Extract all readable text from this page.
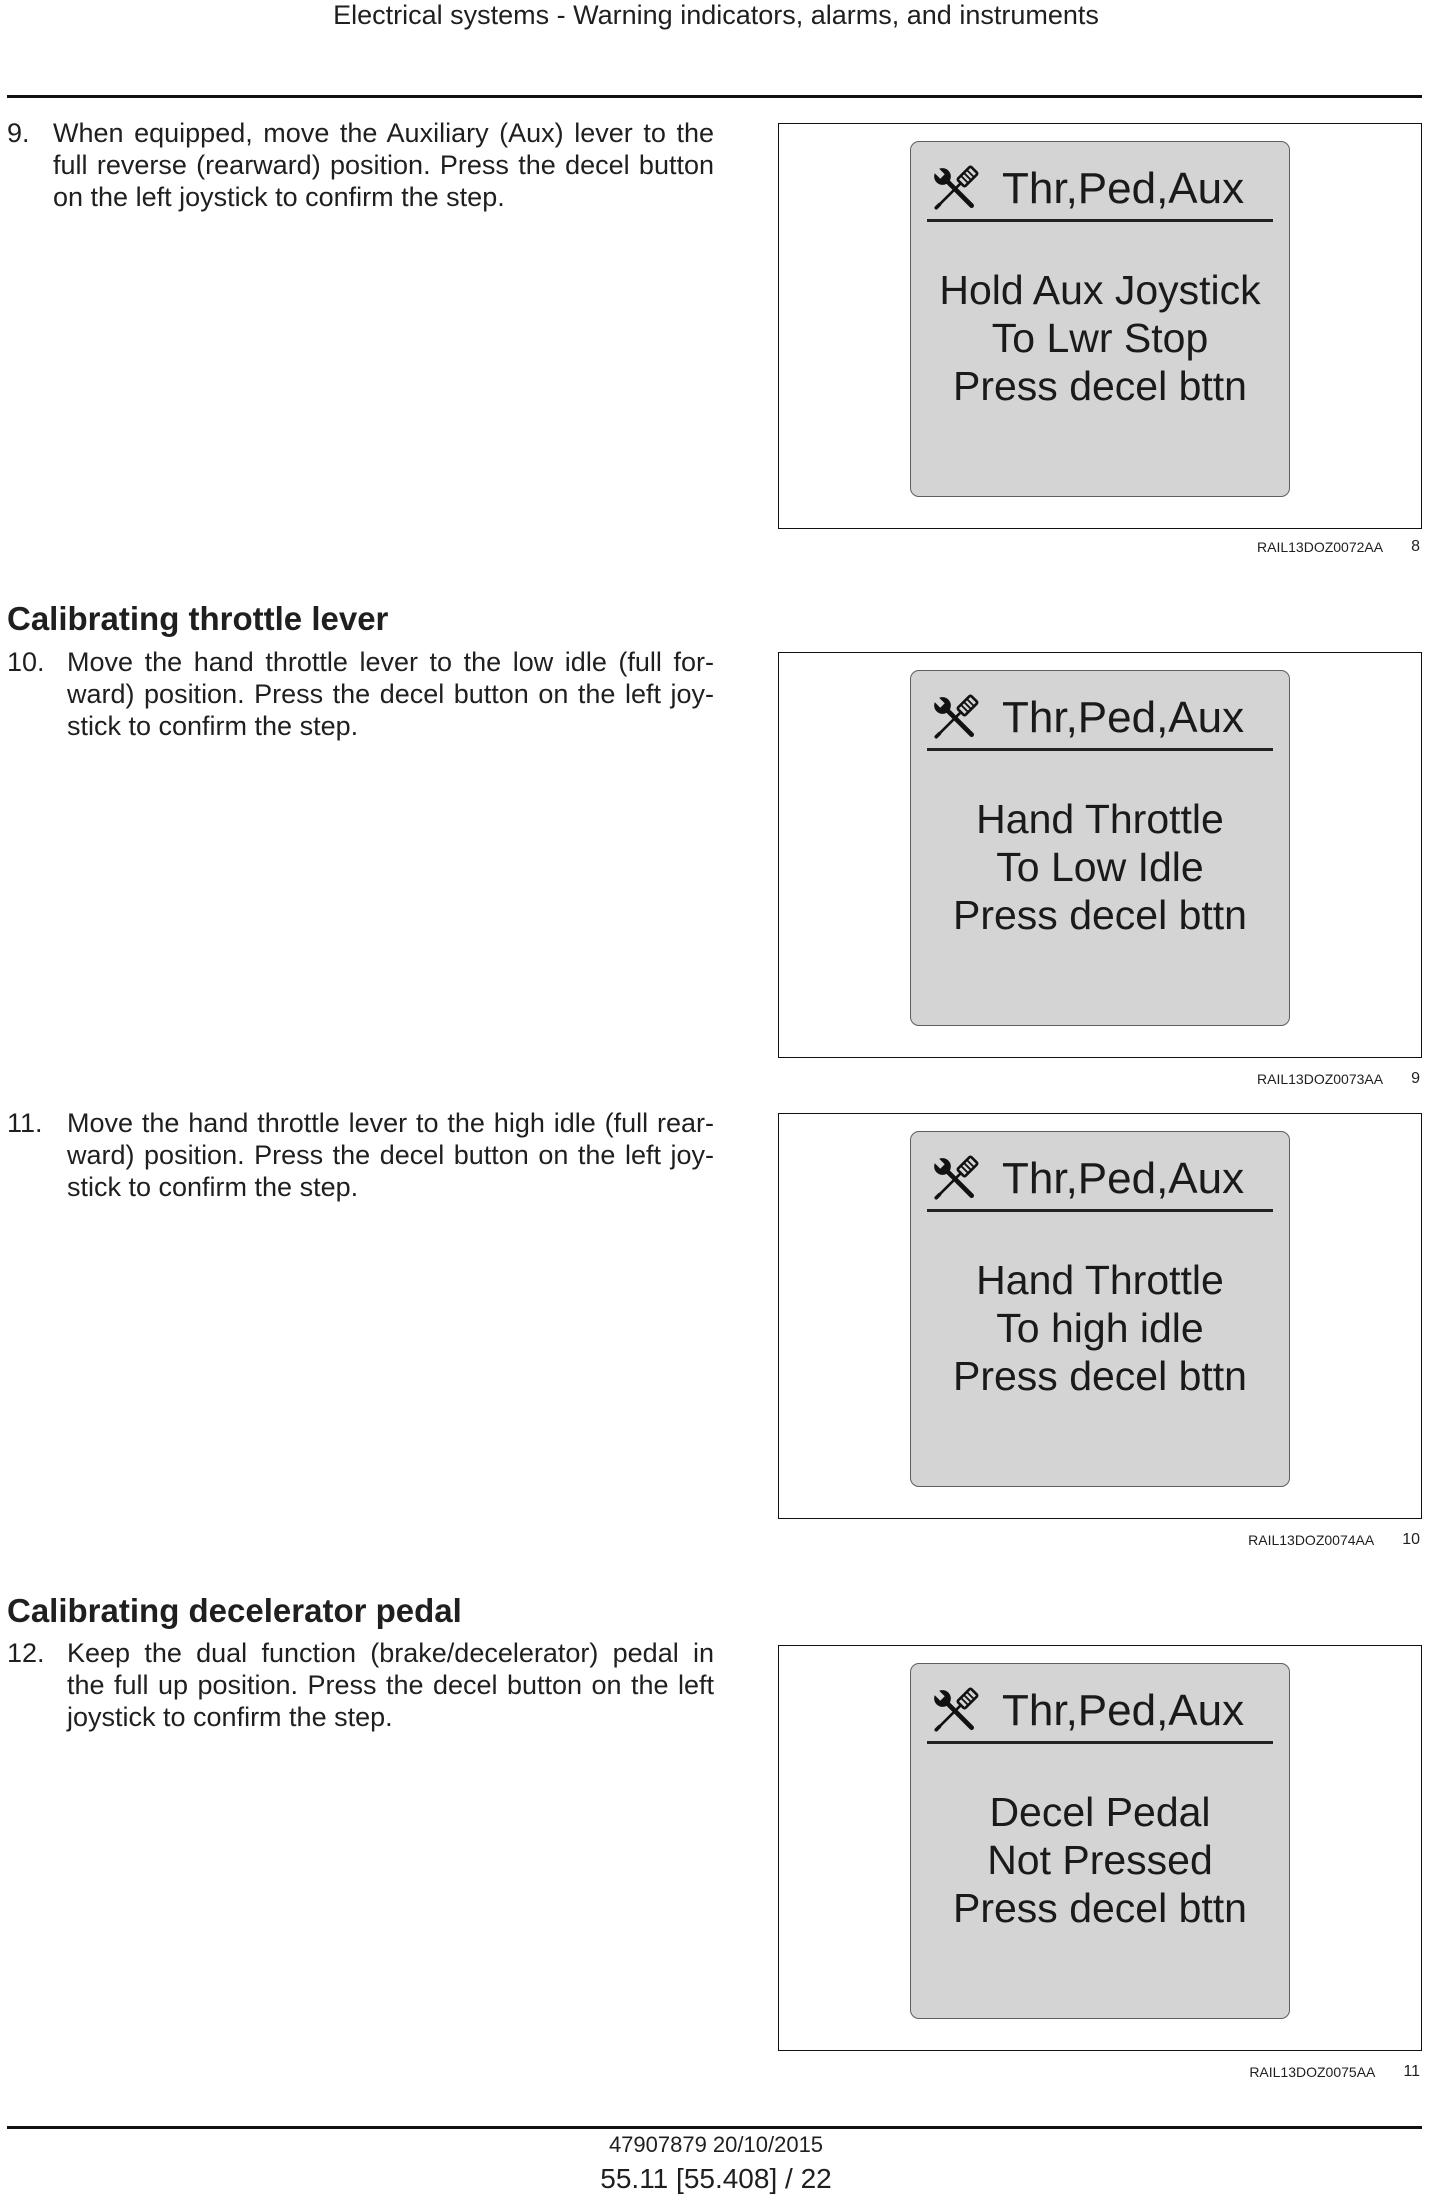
Electrical systems - Warning indicators, alarms, and instruments
9. When equipped, move the Auxiliary (Aux) lever to the
full reverse (rearward) position. Press the decel button
on the left joystick to confirm the step.	Thr,Ped,Aux
Hold Aux Joystick
To Lwr Stop
Press decel bttn
RAIL13DOZ0072AA 8
Calibrating throttle lever
10. Move the hand throttle lever to the low idle (full for-
ward) position. Press the decel button on the left joy-
stick to confirm the step.	Thr,Ped,Aux
Hand Throttle
To Low Idle
Press decel bttn
RAIL13DOZ0073AA 9
11. Move the hand throttle lever to the high idle (full rear-
ward) position. Press the decel button on the left joy-
stick to confirm the step.	Thr,Ped,Aux
Hand Throttle
To high idle
Press decel bttn
RAIL13DOZ0074AA 10
Calibrating decelerator pedal
12. Keep the dual function (brake/decelerator) pedal in
the full up position. Press the decel button on the left
joystick to confirm the step.	Thr,Ped,Aux
Decel Pedal
Not Pressed
Press decel bttn
RAIL13DOZ0075AA 11
47907879 20/10/2015
55.11 [55.408] / 22
